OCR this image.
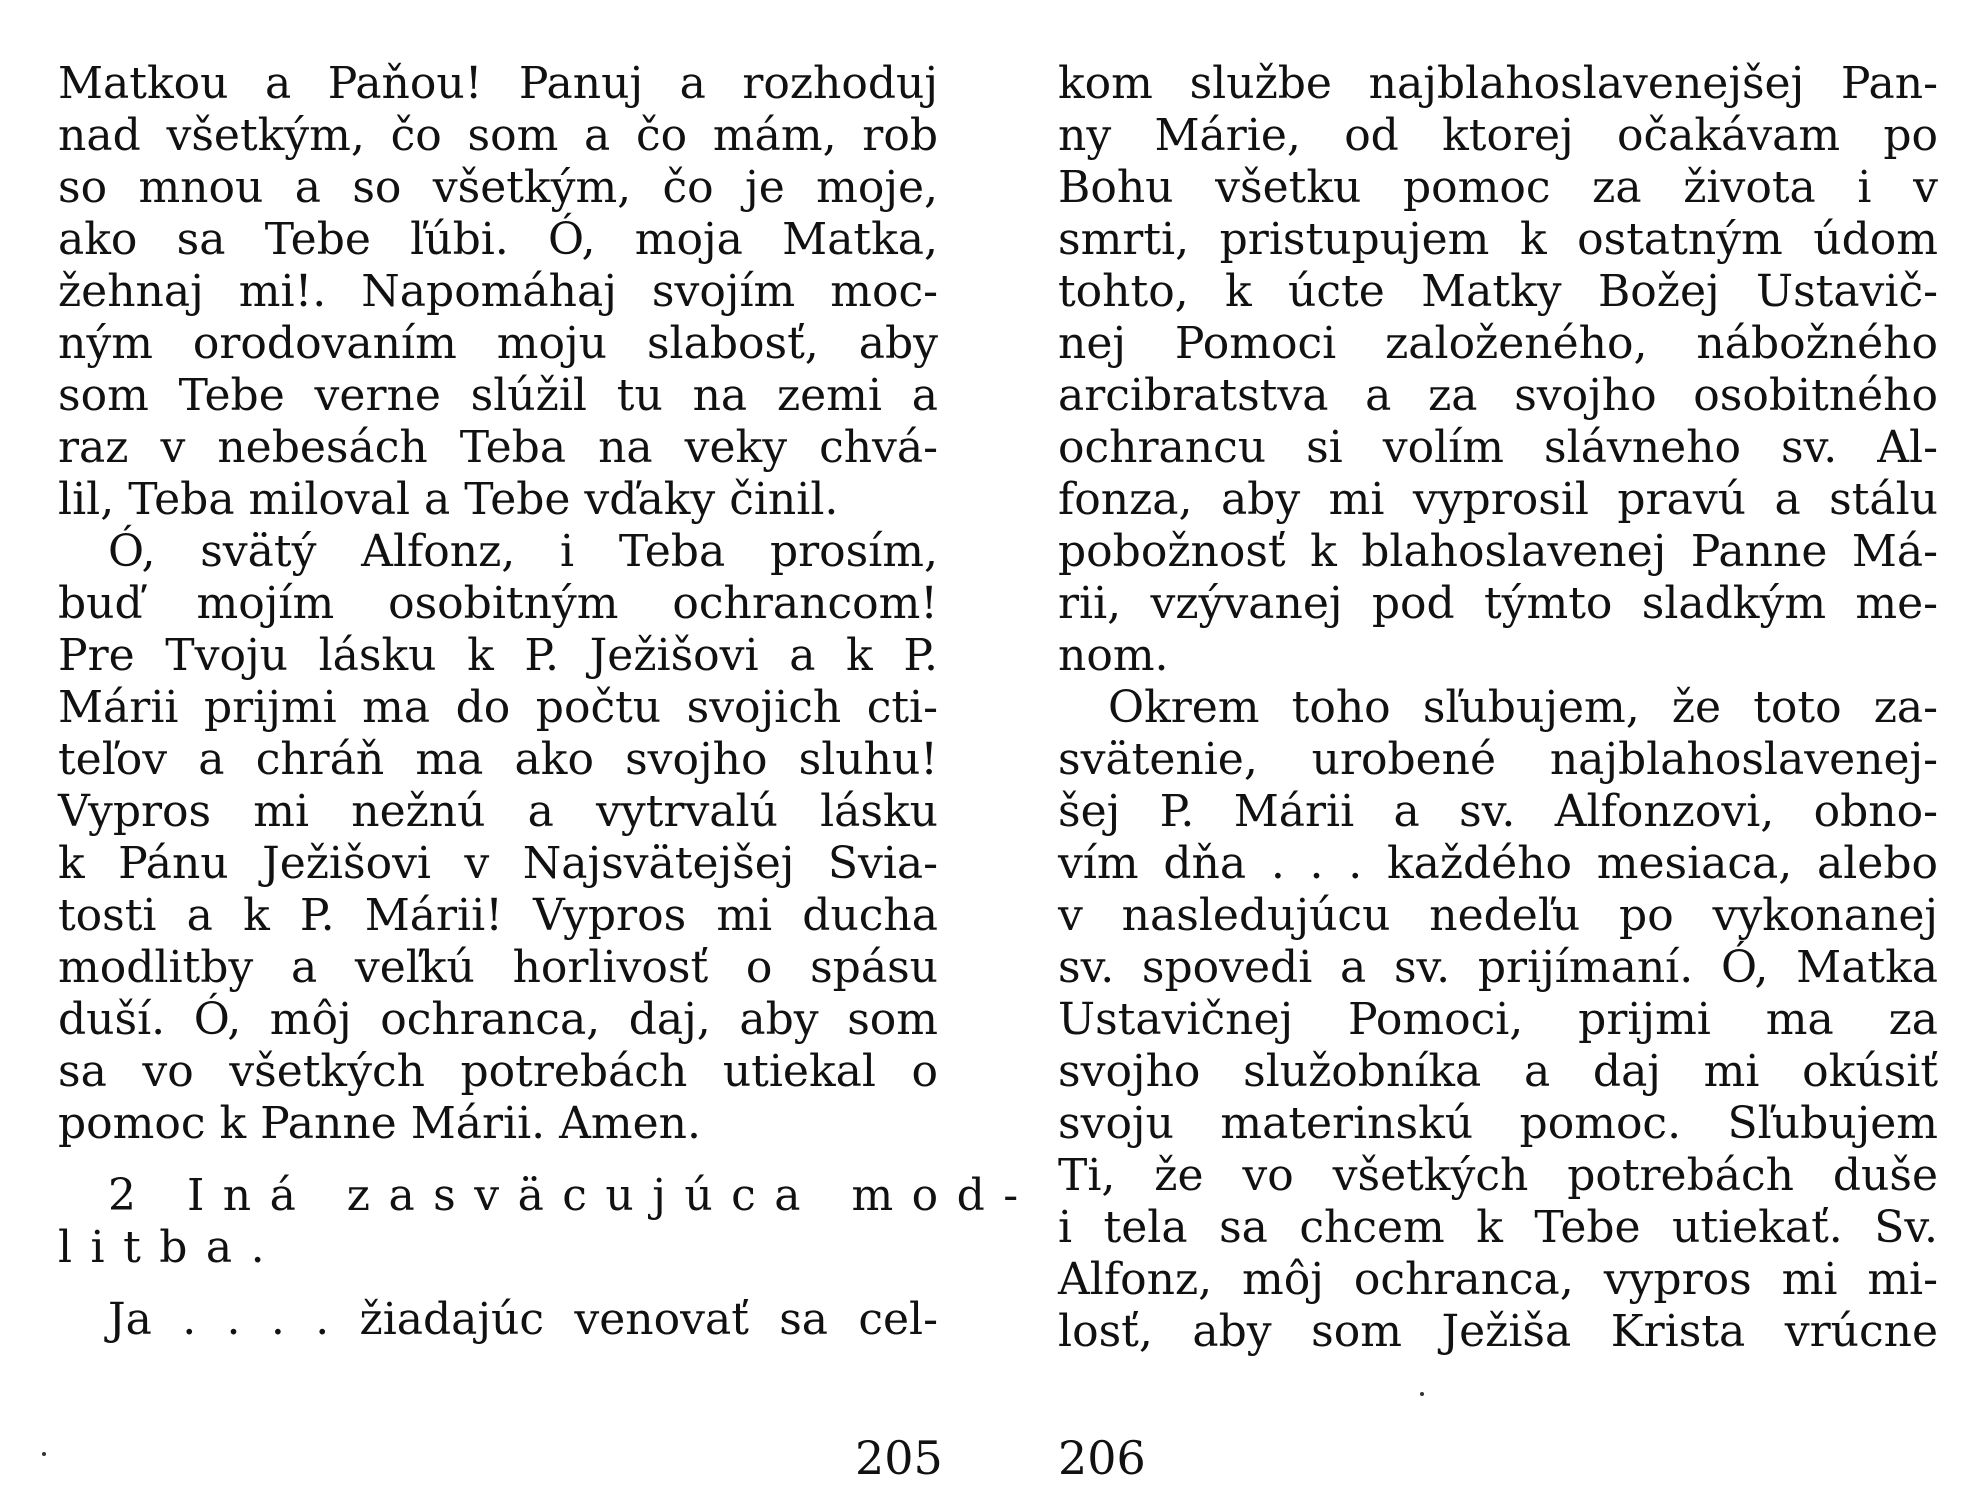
Matkou a Paňou! Panuj a rozhoduj
nad všetkým, čo som a čo mám, rob
so mnou a so všetkým, čo je moje,
ako sa Tebe ľúbi. Ó, moja Matka,
žehnaj mi!. Napomáhaj svojím moc-
ným orodovaním moju slabosť, aby
som Tebe verne slúžil tu na zemi a
raz v nebesách Teba na veky chvá-
lil, Teba miloval a Tebe vďaky činil.
Ó, svätý Alfonz, i Teba prosím,
buď mojím osobitným ochrancom!
Pre Tvoju lásku k P. Ježišovi a k P.
Márii prijmi ma do počtu svojich cti-
teľov a chráň ma ako svojho sluhu!
Vypros mi nežnú a vytrvalú lásku
k Pánu Ježišovi v Najsvätejšej Svia-
tosti a k P. Márii! Vypros mi ducha
modlitby a veľkú horlivosť o spásu
duší. Ó, môj ochranca, daj, aby som
sa vo všetkých potrebách utiekal o
pomoc k Panne Márii. Amen.
2 Iná zasväcujúca mod-
litba.
Ja . . . . žiadajúc venovať sa cel-
kom službe najblahoslavenejšej Pan-
ny Márie, od ktorej očakávam po
Bohu všetku pomoc za života i v
smrti, pristupujem k ostatným údom
tohto, k úcte Matky Božej Ustavič-
nej Pomoci založeného, nábožného
arcibratstva a za svojho osobitného
ochrancu si volím slávneho sv. Al-
fonza, aby mi vyprosil pravú a stálu
pobožnosť k blahoslavenej Panne Má-
rii, vzývanej pod týmto sladkým me-
nom.
Okrem toho sľubujem, že toto za-
svätenie, urobené najblahoslavenej-
šej P. Márii a sv. Alfonzovi, obno-
vím dňa . . . každého mesiaca, alebo
v nasledujúcu nedeľu po vykonanej
sv. spovedi a sv. prijímaní. Ó, Matka
Ustavičnej Pomoci, prijmi ma za
svojho služobníka a daj mi okúsiť
svoju materinskú pomoc. Sľubujem
Ti, že vo všetkých potrebách duše
i tela sa chcem k Tebe utiekať. Sv.
Alfonz, môj ochranca, vypros mi mi-
losť, aby som Ježiša Krista vrúcne
205	206
